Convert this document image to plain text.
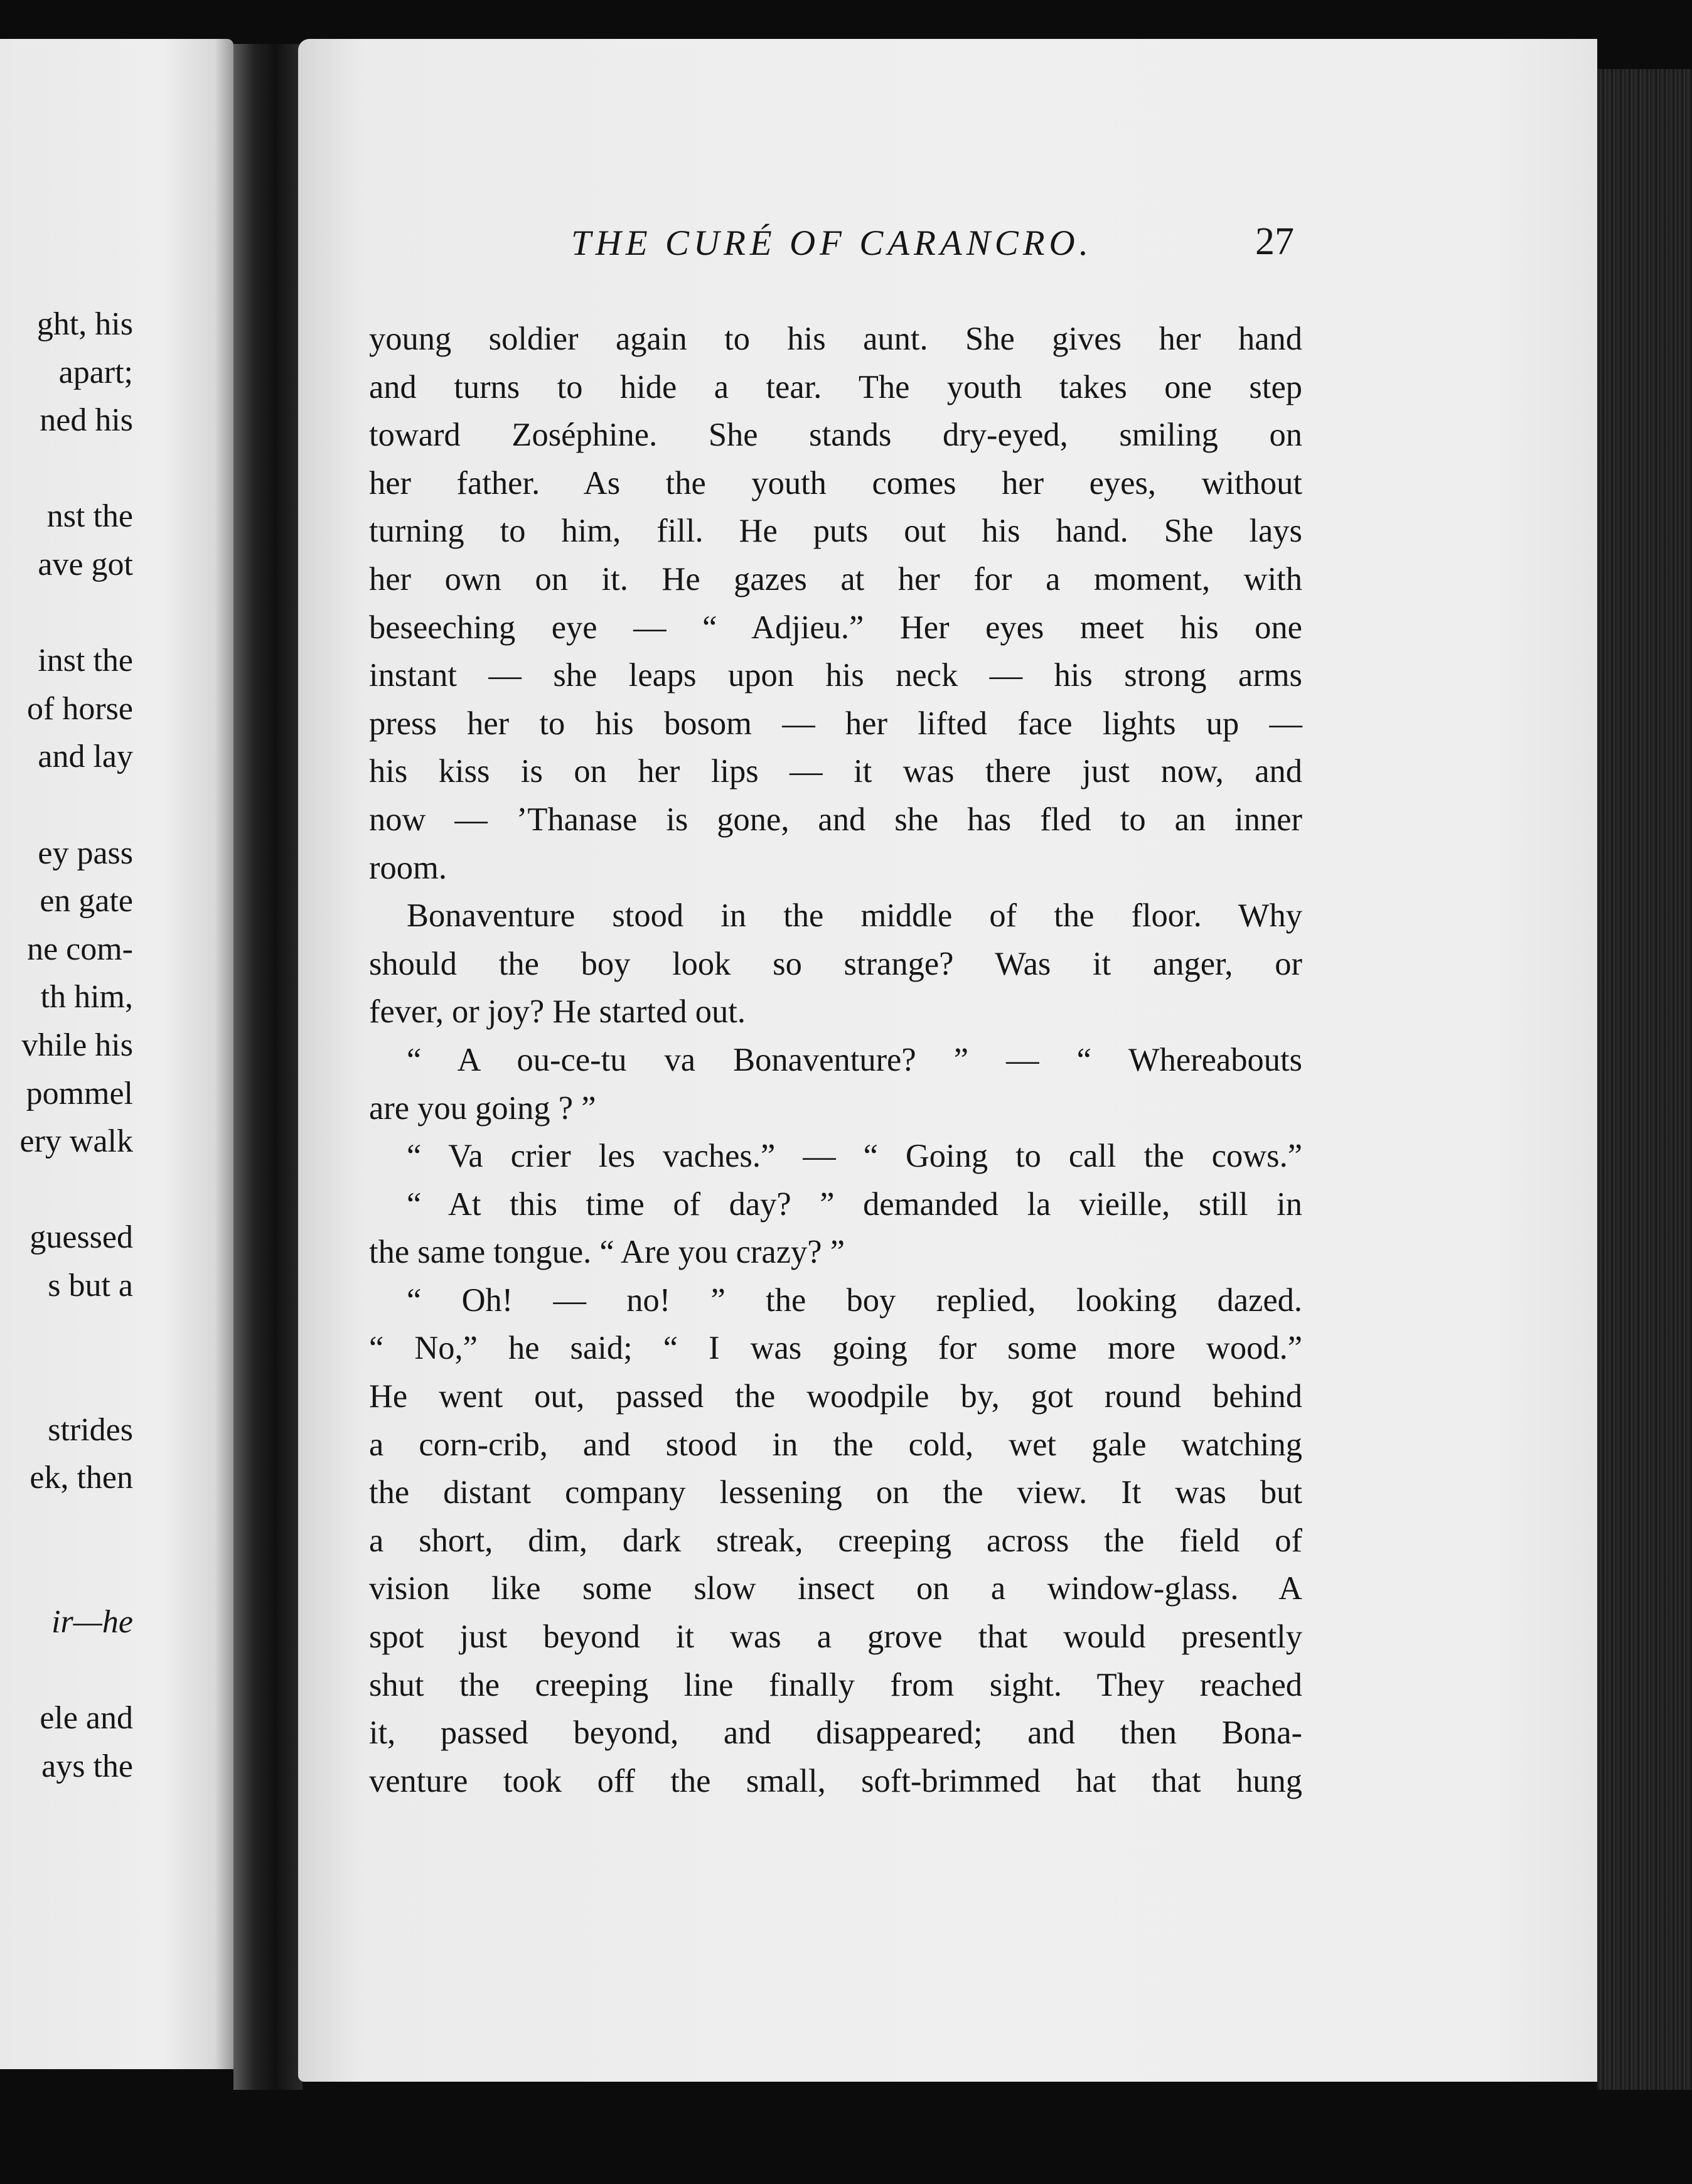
ght, his
apart;
ned his
nst the
ave got
inst the
of horse
and lay
ey pass
en gate
ne com-
th him,
vhile his
pommel
ery walk
guessed
s but a
strides
ek, then
ir—he
ele and
ays the
THE CURÉ OF CARANCRO.	27
young soldier again to his aunt. She gives her hand
and turns to hide a tear. The youth takes one step
toward Zoséphine. She stands dry-eyed, smiling on
her father. As the youth comes her eyes, without
turning to him, fill. He puts out his hand. She lays
her own on it. He gazes at her for a moment, with
beseeching eye — “ Adjieu.” Her eyes meet his one
instant — she leaps upon his neck — his strong arms
press her to his bosom — her lifted face lights up —
his kiss is on her lips — it was there just now, and
now — ’Thanase is gone, and she has fled to an inner
room.
Bonaventure stood in the middle of the floor. Why
should the boy look so strange? Was it anger, or
fever, or joy? He started out.
“ A ou-ce-tu va Bonaventure? ” — “ Whereabouts
are you going ? ”
“ Va crier les vaches.” — “ Going to call the cows.”
“ At this time of day? ” demanded la vieille, still in
the same tongue. “ Are you crazy? ”
“ Oh! — no! ” the boy replied, looking dazed.
“ No,” he said; “ I was going for some more wood.”
He went out, passed the woodpile by, got round behind
a corn-crib, and stood in the cold, wet gale watching
the distant company lessening on the view. It was but
a short, dim, dark streak, creeping across the field of
vision like some slow insect on a window-glass. A
spot just beyond it was a grove that would presently
shut the creeping line finally from sight. They reached
it, passed beyond, and disappeared; and then Bona-
venture took off the small, soft-brimmed hat that hung
